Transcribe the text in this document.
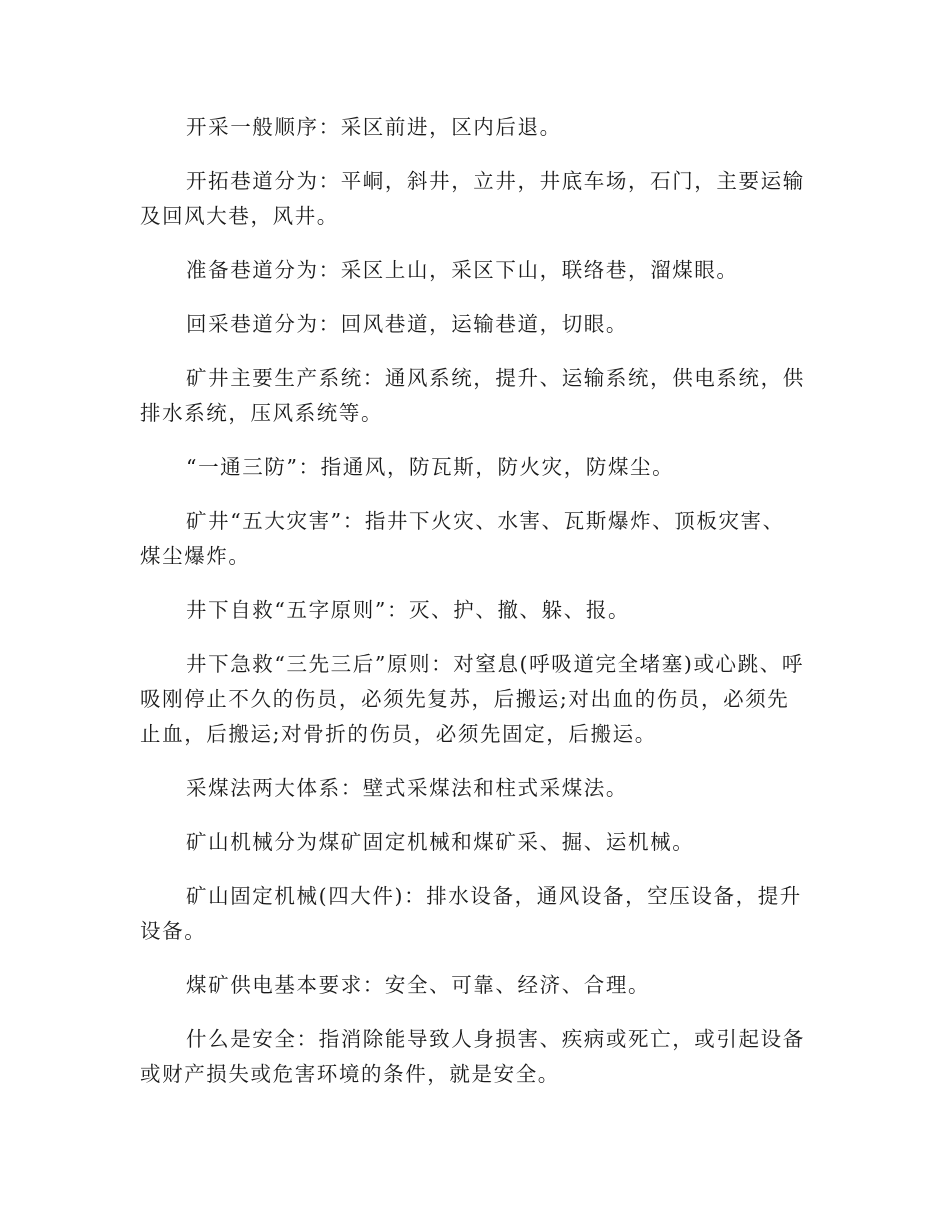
开采一般顺序：采区前进，区内后退。

开拓巷道分为：平峒，斜井，立井，井底车场，石门，主要运输及回风大巷，风井。

准备巷道分为：采区上山，采区下山，联络巷，溜煤眼。

回采巷道分为：回风巷道，运输巷道，切眼。

矿井主要生产系统：通风系统，提升、运输系统，供电系统，供排水系统，压风系统等。

“一通三防”：指通风，防瓦斯，防火灾，防煤尘。

矿井“五大灾害”：指井下火灾、水害、瓦斯爆炸、顶板灾害、煤尘爆炸。

井下自救“五字原则”：灭、护、撤、躲、报。

井下急救“三先三后”原则：对窒息(呼吸道完全堵塞)或心跳、呼吸刚停止不久的伤员，必须先复苏，后搬运;对出血的伤员，必须先止血，后搬运;对骨折的伤员，必须先固定，后搬运。

采煤法两大体系：壁式采煤法和柱式采煤法。

矿山机械分为煤矿固定机械和煤矿采、掘、运机械。

矿山固定机械(四大件)：排水设备，通风设备，空压设备，提升设备。

煤矿供电基本要求：安全、可靠、经济、合理。

什么是安全：指消除能导致人身损害、疾病或死亡，或引起设备或财产损失或危害环境的条件，就是安全。
